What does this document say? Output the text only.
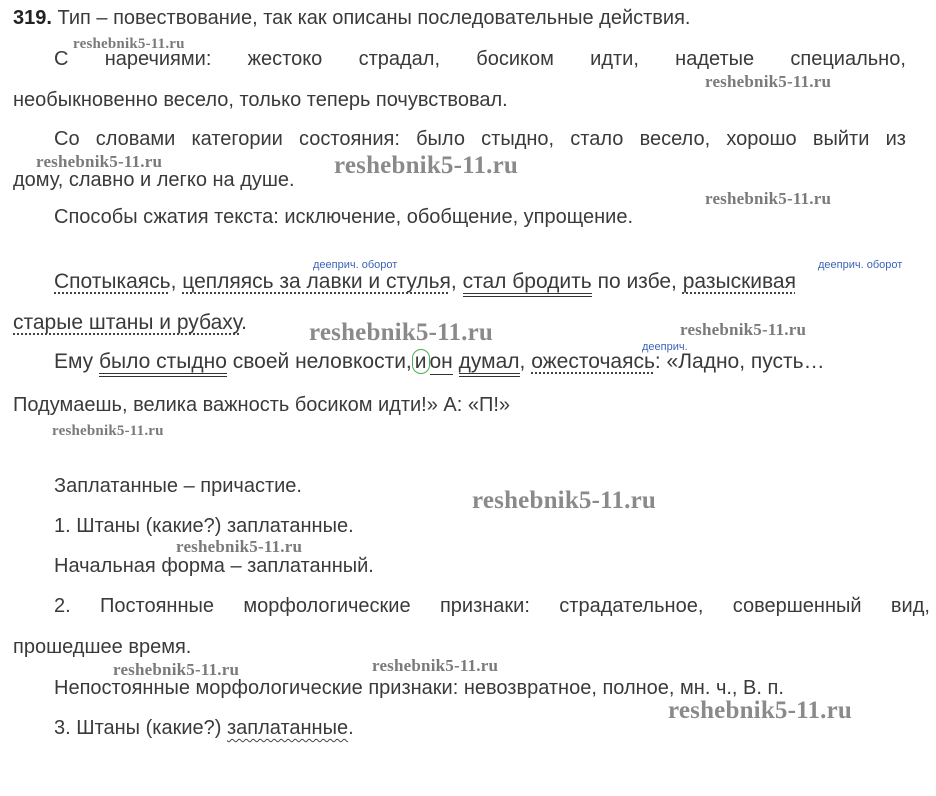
319. Тип – повествование, так как описаны последовательные действия.
С наречиями: жестоко страдал, босиком идти, надетые специально,
необыкновенно весело, только теперь почувствовал.
Со словами категории состояния: было стыдно, стало весело, хорошо выйти из
дому, славно и легко на душе.
Способы сжатия текста: исключение, обобщение, упрощение.
дееприч. оборот	дееприч. оборот
Спотыкаясь, цепляясь за лавки и стулья, стал бродить по избе, разыскивая
старые штаны и рубаху.
дееприч.
Ему было стыдно своей неловкости, и он думал, ожесточаясь: «Ладно, пусть…
Подумаешь, велика важность босиком идти!» А: «П!»
Заплатанные – причастие.
1. Штаны (какие?) заплатанные.
Начальная форма – заплатанный.
2. Постоянные морфологические признаки: страдательное, совершенный вид,
прошедшее время.
Непостоянные морфологические признаки: невозвратное, полное, мн. ч., В. п.
3. Штаны (какие?) заплатанные.
reshebnik5-11.ru
reshebnik5-11.ru
reshebnik5-11.ru	reshebnik5-11.ru
reshebnik5-11.ru
reshebnik5-11.ru	reshebnik5-11.ru
reshebnik5-11.ru
reshebnik5-11.ru
reshebnik5-11.ru
reshebnik5-11.ru	reshebnik5-11.ru
reshebnik5-11.ru
